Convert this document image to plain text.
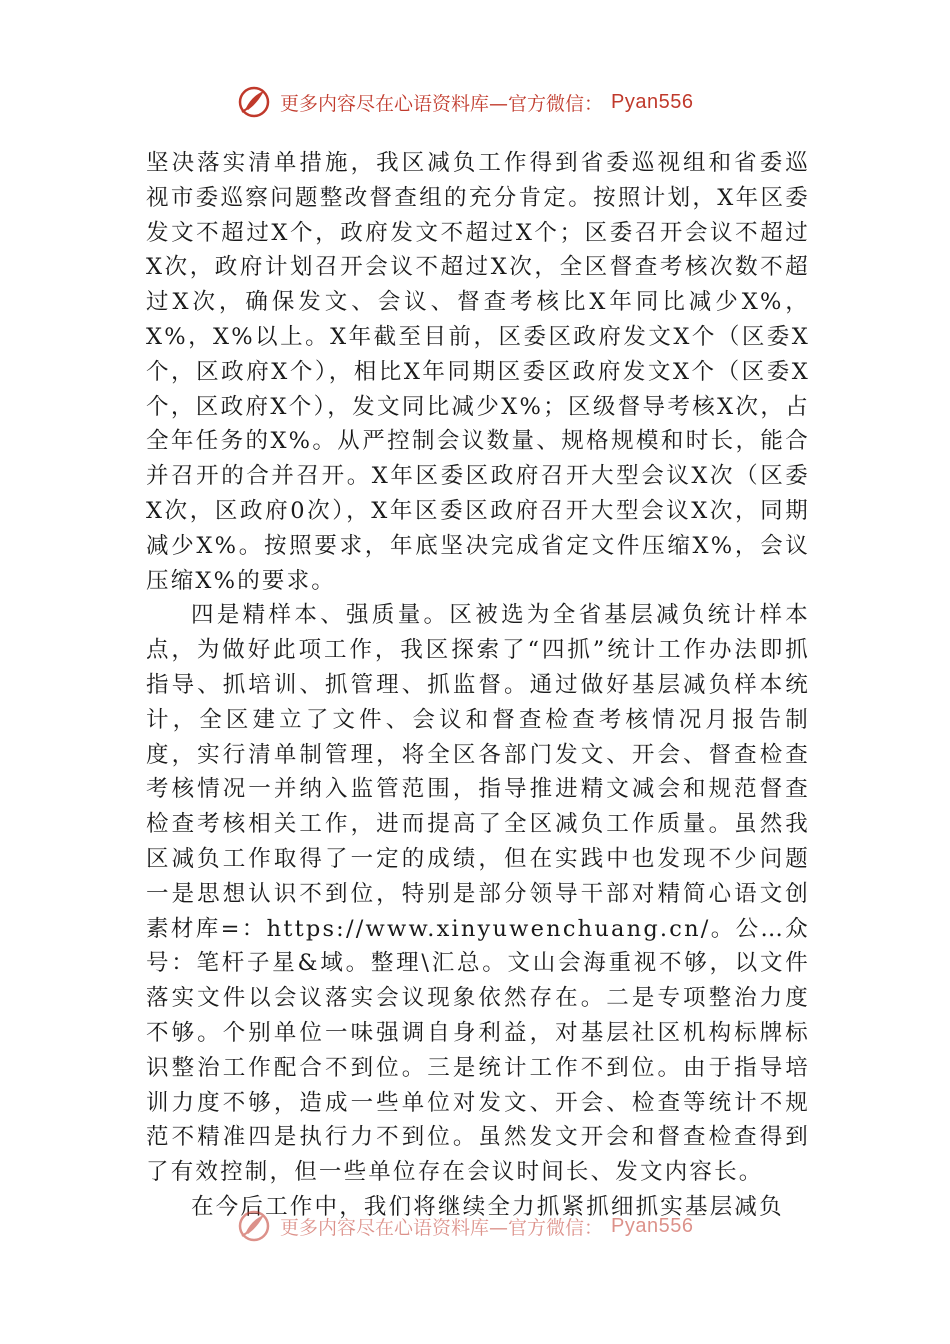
更多内容尽在心语资料库—官方微信： Pyan556

坚决落实清单措施，我区减负工作得到省委巡视组和省委巡视市委巡察问题整改督查组的充分肯定。按照计划，X年区委发文不超过X个，政府发文不超过X个；区委召开会议不超过X次，政府计划召开会议不超过X次，全区督查考核次数不超过X次，确保发文、会议、督查考核比X年同比减少X%，X%，X%以上。X年截至目前，区委区政府发文X个（区委X个，区政府X个），相比X年同期区委区政府发文X个（区委X个，区政府X个），发文同比减少X%；区级督导考核X次，占全年任务的X%。从严控制会议数量、规格规模和时长，能合并召开的合并召开。X年区委区政府召开大型会议X次（区委X次，区政府0次），X年区委区政府召开大型会议X次，同期减少X%。按照要求，年底坚决完成省定文件压缩X%，会议压缩X%的要求。

四是精样本、强质量。区被选为全省基层减负统计样本点，为做好此项工作，我区探索了“四抓”统计工作办法即抓指导、抓培训、抓管理、抓监督。通过做好基层减负样本统计，全区建立了文件、会议和督查检查考核情况月报告制度，实行清单制管理，将全区各部门发文、开会、督查检查考核情况一并纳入监管范围，指导推进精文减会和规范督查检查考核相关工作，进而提高了全区减负工作质量。虽然我区减负工作取得了一定的成绩，但在实践中也发现不少问题一是思想认识不到位，特别是部分领导干部对精简心语文创素材库=：https://www.xinyuwenchuang.cn/。公…众号：笔杆子星&域。整理\汇总。文山会海重视不够，以文件落实文件以会议落实会议现象依然存在。二是专项整治力度不够。个别单位一味强调自身利益，对基层社区机构标牌标识整治工作配合不到位。三是统计工作不到位。由于指导培训力度不够，造成一些单位对发文、开会、检查等统计不规范不精准四是执行力不到位。虽然发文开会和督查检查得到了有效控制，但一些单位存在会议时间长、发文内容长。

在今后工作中，我们将继续全力抓紧抓细抓实基层减负

更多内容尽在心语资料库—官方微信： Pyan556
